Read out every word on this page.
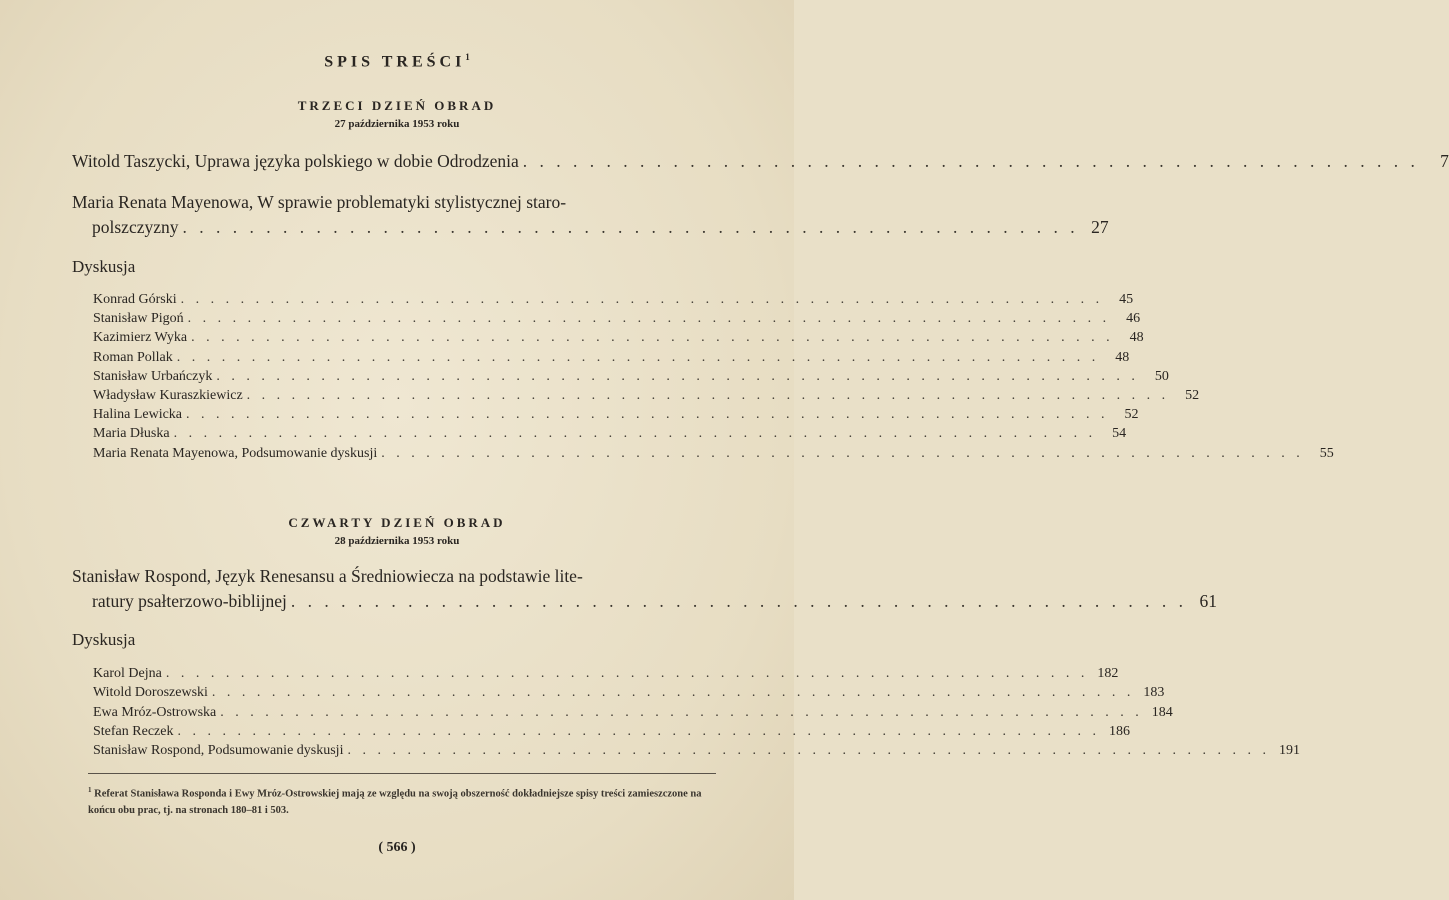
SPIS TREŚCI$^1$
TRZECI DZIEŃ OBRAD
27 października 1953 roku
Witold Taszycki, Uprawa języka polskiego w dobie Odrodzenia . . . . . . . . . . . . . . . . . . . . . . . . . . . . . . . . . . . . . . . . . . . . . . . . . . . . . .	7
Maria Renata Mayenowa, W sprawie problematyki stylistycznej staro-
polszczyzny . . . . . . . . . . . . . . . . . . . . . . . . . . . . . . . . . . . . . . . . . . . . . . . . . . . . . . 27
Dyskusja
Konrad Górski . . . . . . . . . . . . . . . . . . . . . . . . . . . . . . . . . . . . . . . . . . . . . . . . . . . . . . . . . . . . . .	45
Stanisław Pigoń . . . . . . . . . . . . . . . . . . . . . . . . . . . . . . . . . . . . . . . . . . . . . . . . . . . . . . . . . . . . . .	46
Kazimierz Wyka . . . . . . . . . . . . . . . . . . . . . . . . . . . . . . . . . . . . . . . . . . . . . . . . . . . . . . . . . . . . . .	48
Roman Pollak . . . . . . . . . . . . . . . . . . . . . . . . . . . . . . . . . . . . . . . . . . . . . . . . . . . . . . . . . . . . . .	48
Stanisław Urbańczyk . . . . . . . . . . . . . . . . . . . . . . . . . . . . . . . . . . . . . . . . . . . . . . . . . . . . . . . . . . . . . .	50
Władysław Kuraszkiewicz . . . . . . . . . . . . . . . . . . . . . . . . . . . . . . . . . . . . . . . . . . . . . . . . . . . . . . . . . . . . . .	52
Halina Lewicka . . . . . . . . . . . . . . . . . . . . . . . . . . . . . . . . . . . . . . . . . . . . . . . . . . . . . . . . . . . . . .	52
Maria Dłuska . . . . . . . . . . . . . . . . . . . . . . . . . . . . . . . . . . . . . . . . . . . . . . . . . . . . . . . . . . . . . .	54
Maria Renata Mayenowa, Podsumowanie dyskusji . . . . . . . . . . . . . . . . . . . . . . . . . . . . . . . . . . . . . . . . . . . . . . . . . . . . . . . . . . . . . .	55
CZWARTY DZIEŃ OBRAD
28 października 1953 roku
Stanisław Rospond, Język Renesansu a Średniowiecza na podstawie lite-
ratury psałterzowo-biblijnej . . . . . . . . . . . . . . . . . . . . . . . . . . . . . . . . . . . . . . . . . . . . . . . . . . . . . . 61
Dyskusja
Karol Dejna . . . . . . . . . . . . . . . . . . . . . . . . . . . . . . . . . . . . . . . . . . . . . . . . . . . . . . . . . . . . . . 182
Witold Doroszewski . . . . . . . . . . . . . . . . . . . . . . . . . . . . . . . . . . . . . . . . . . . . . . . . . . . . . . . . . . . . . . 183
Ewa Mróz-Ostrowska . . . . . . . . . . . . . . . . . . . . . . . . . . . . . . . . . . . . . . . . . . . . . . . . . . . . . . . . . . . . . . 184
Stefan Reczek . . . . . . . . . . . . . . . . . . . . . . . . . . . . . . . . . . . . . . . . . . . . . . . . . . . . . . . . . . . . . . 186
Stanisław Rospond, Podsumowanie dyskusji . . . . . . . . . . . . . . . . . . . . . . . . . . . . . . . . . . . . . . . . . . . . . . . . . . . . . . . . . . . . . . 191
$^1$ Referat Stanisława Rosponda i Ewy Mróz-Ostrowskiej mają ze względu na swoją obszerność dokładniejsze spisy treści zamieszczone na końcu obu prac, tj. na stronach 180–81 i 503.
( 566 )
